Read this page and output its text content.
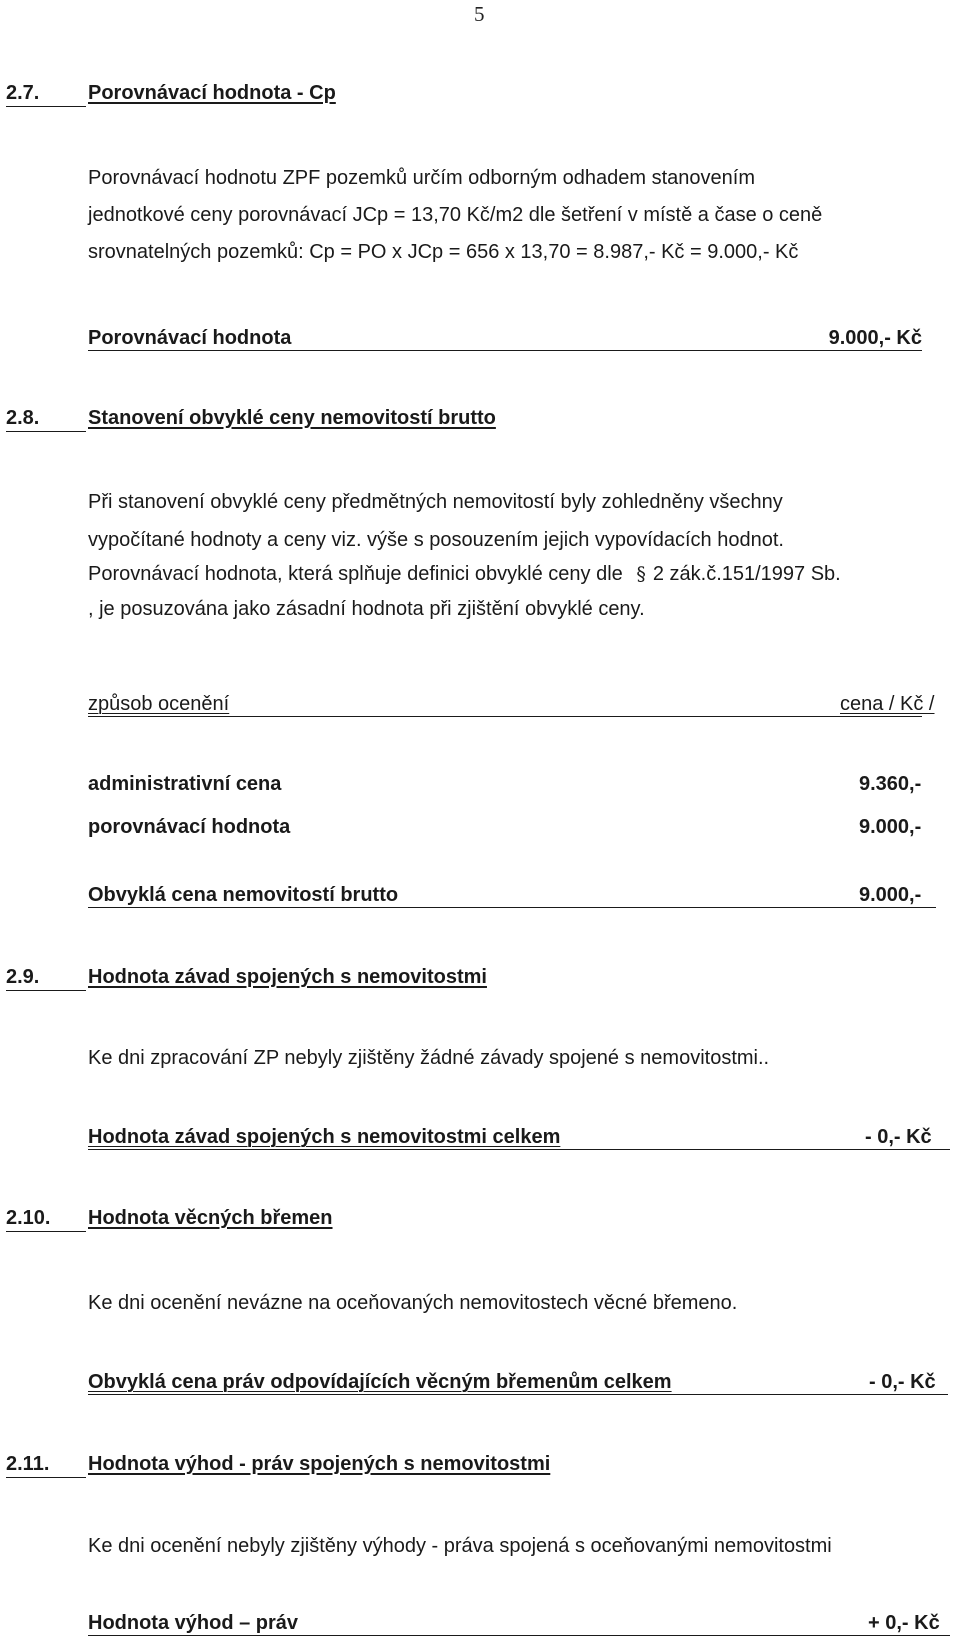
5
2.7. Porovnávací hodnota - Cp
Porovnávací hodnotu ZPF pozemků určím odborným odhadem stanovením
jednotkové ceny porovnávací JCp = 13,70 Kč/m2 dle šetření v místě a čase o ceně
srovnatelných pozemků: Cp = PO x JCp = 656 x 13,70 = 8.987,- Kč = 9.000,- Kč
Porovnávací hodnota	9.000,- Kč
2.8. Stanovení obvyklé ceny nemovitostí brutto
Při stanovení obvyklé ceny předmětných nemovitostí byly zohledněny všechny
vypočítané hodnoty a ceny viz. výše s posouzením jejich vypovídacích hodnot.
Porovnávací hodnota, která splňuje definici obvyklé ceny dle § 2 zák.č.151/1997 Sb.
, je posuzována jako zásadní hodnota při zjištění obvyklé ceny.
způsob ocenění	cena / Kč /
administrativní cena	9.360,-
porovnávací hodnota	9.000,-
Obvyklá cena nemovitostí brutto	9.000,-
2.9. Hodnota závad spojených s nemovitostmi
Ke dni zpracování ZP nebyly zjištěny žádné závady spojené s nemovitostmi..
Hodnota závad spojených s nemovitostmi celkem	- 0,- Kč
2.10. Hodnota věcných břemen
Ke dni ocenění nevázne na oceňovaných nemovitostech věcné břemeno.
Obvyklá cena práv odpovídajících věcným břemenům celkem	- 0,- Kč
2.11. Hodnota výhod - práv spojených s nemovitostmi
Ke dni ocenění nebyly zjištěny výhody - práva spojená s oceňovanými nemovitostmi
Hodnota výhod – práv	+ 0,- Kč
